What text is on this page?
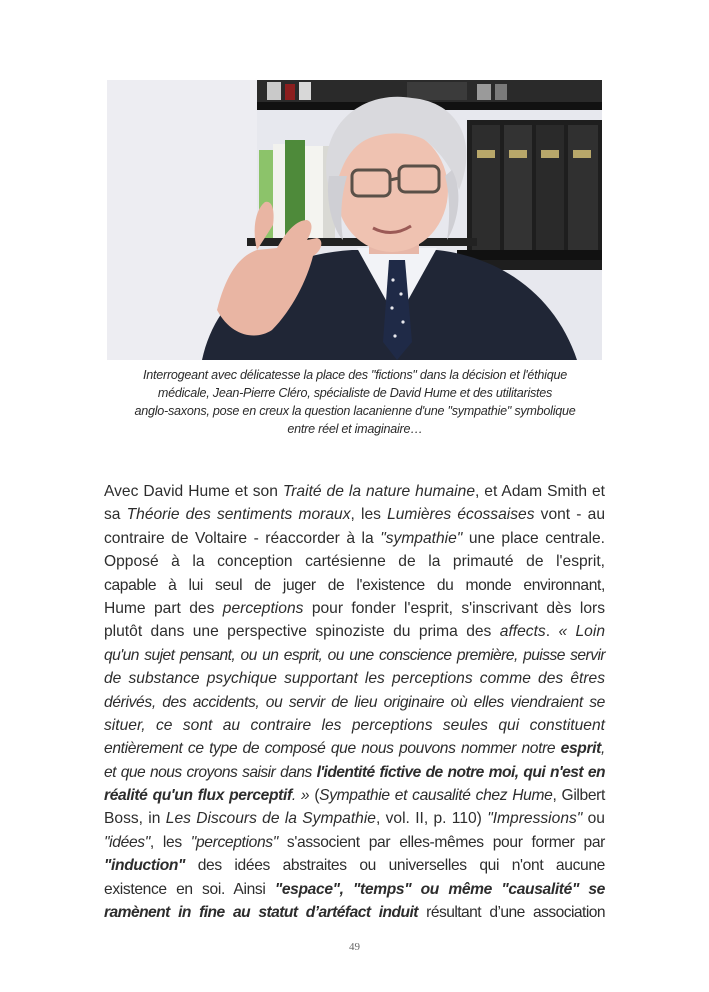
Interrogeant avec délicatesse la place des "fictions" dans la décision et l'éthique
médicale, Jean-Pierre Cléro, spécialiste de David Hume et des utilitaristes
anglo-saxons, pose en creux la question lacanienne d'une "sympathie" symbolique
entre réel et imaginaire…
Avec David Hume et son Traité de la nature humaine, et Adam Smith et
sa Théorie des sentiments moraux, les Lumières écossaises vont - au
contraire de Voltaire - réaccorder à la "sympathie" une place centrale.
Opposé à la conception cartésienne de la primauté de l'esprit,
capable à lui seul de juger de l'existence du monde environnant,
Hume part des perceptions pour fonder l'esprit, s'inscrivant dès lors
plutôt dans une perspective spinoziste du prima des affects. « Loin
qu'un sujet pensant, ou un esprit, ou une conscience première, puisse servir
de substance psychique supportant les perceptions comme des êtres
dérivés, des accidents, ou servir de lieu originaire où elles viendraient se
situer, ce sont au contraire les perceptions seules qui constituent
entièrement ce type de composé que nous pouvons nommer notre esprit,
et que nous croyons saisir dans l'identité fictive de notre moi, qui n'est en
réalité qu'un flux perceptif. » (Sympathie et causalité chez Hume, Gilbert
Boss, in Les Discours de la Sympathie, vol. II, p. 110) "Impressions" ou
"idées", les "perceptions" s'associent par elles-mêmes pour former par
"induction" des idées abstraites ou universelles qui n'ont aucune
existence en soi. Ainsi "espace", "temps" ou même "causalité" se
ramènent in fine au statut d’artéfact induit résultant d’une association
49
